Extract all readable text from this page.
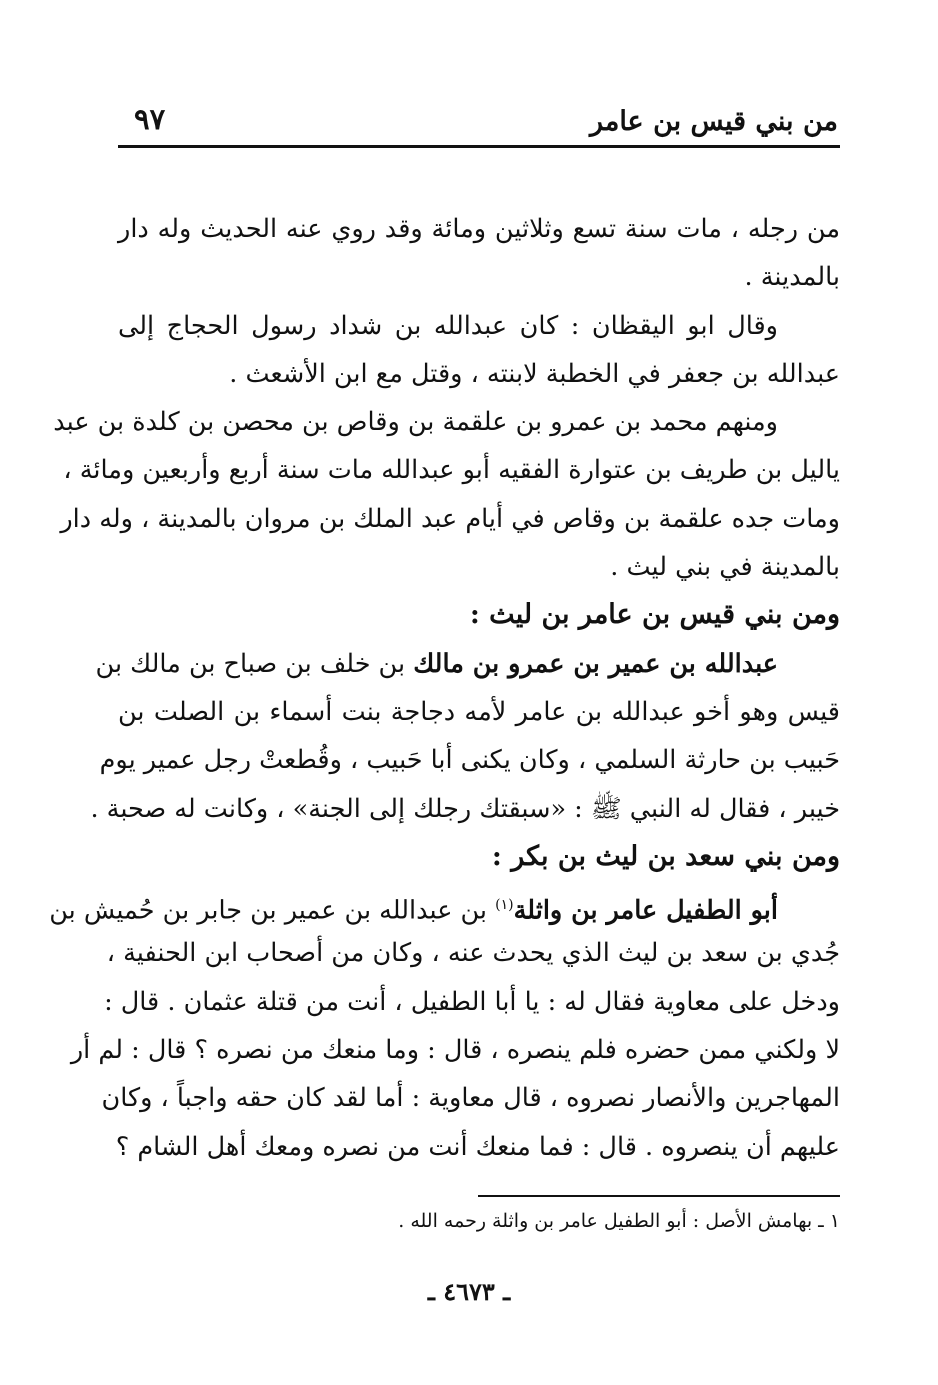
من بني قيس بن عامر
٩٧
من رجله ، مات سنة تسع وثلاثين ومائة وقد روي عنه الحديث وله دار
بالمدينة .
وقال ابو اليقظان : كان عبدالله بن شداد رسول الحجاج إلى
عبدالله بن جعفر في الخطبة لابنته ، وقتل مع ابن الأشعث .
ومنهم محمد بن عمرو بن علقمة بن وقاص بن محصن بن كلدة بن عبد
ياليل بن طريف بن عتوارة الفقيه أبو عبدالله مات سنة أربع وأربعين ومائة ،
ومات جده علقمة بن وقاص في أيام عبد الملك بن مروان بالمدينة ، وله دار
بالمدينة في بني ليث .
ومن بني قيس بن عامر بن ليث :
عبدالله بن عمير بن عمرو بن مالك بن خلف بن صباح بن مالك بن
قيس وهو أخو عبدالله بن عامر لأمه دجاجة بنت أسماء بن الصلت بن
حَبيب بن حارثة السلمي ، وكان يكنى أبا حَبيب ، وقُطعتْ رجل عمير يوم
خيبر ، فقال له النبي ﷺ : «سبقتك رجلك إلى الجنة» ، وكانت له صحبة .
ومن بني سعد بن ليث بن بكر :
أبو الطفيل عامر بن واثلة$^{(١)}$ بن عبدالله بن عمير بن جابر بن حُميش بن
جُدي بن سعد بن ليث الذي يحدث عنه ، وكان من أصحاب ابن الحنفية ،
ودخل على معاوية فقال له : يا أبا الطفيل ، أنت من قتلة عثمان . قال :
لا ولكني ممن حضره فلم ينصره ، قال : وما منعك من نصره ؟ قال : لم أر
المهاجرين والأنصار نصروه ، قال معاوية : أما لقد كان حقه واجباً ، وكان
عليهم أن ينصروه . قال : فما منعك أنت من نصره ومعك أهل الشام ؟
١ ـ بهامش الأصل : أبو الطفيل عامر بن واثلة رحمه الله .
ـ ٤٦٧٣ ـ
